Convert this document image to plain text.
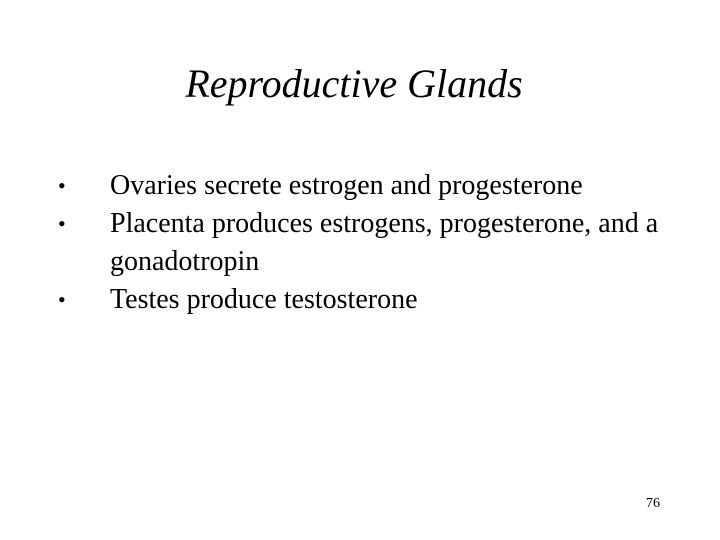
Reproductive Glands
•	Ovaries secrete estrogen and progesterone
•	Placenta produces estrogens, progesterone, and a gonadotropin
•	Testes produce testosterone
76
